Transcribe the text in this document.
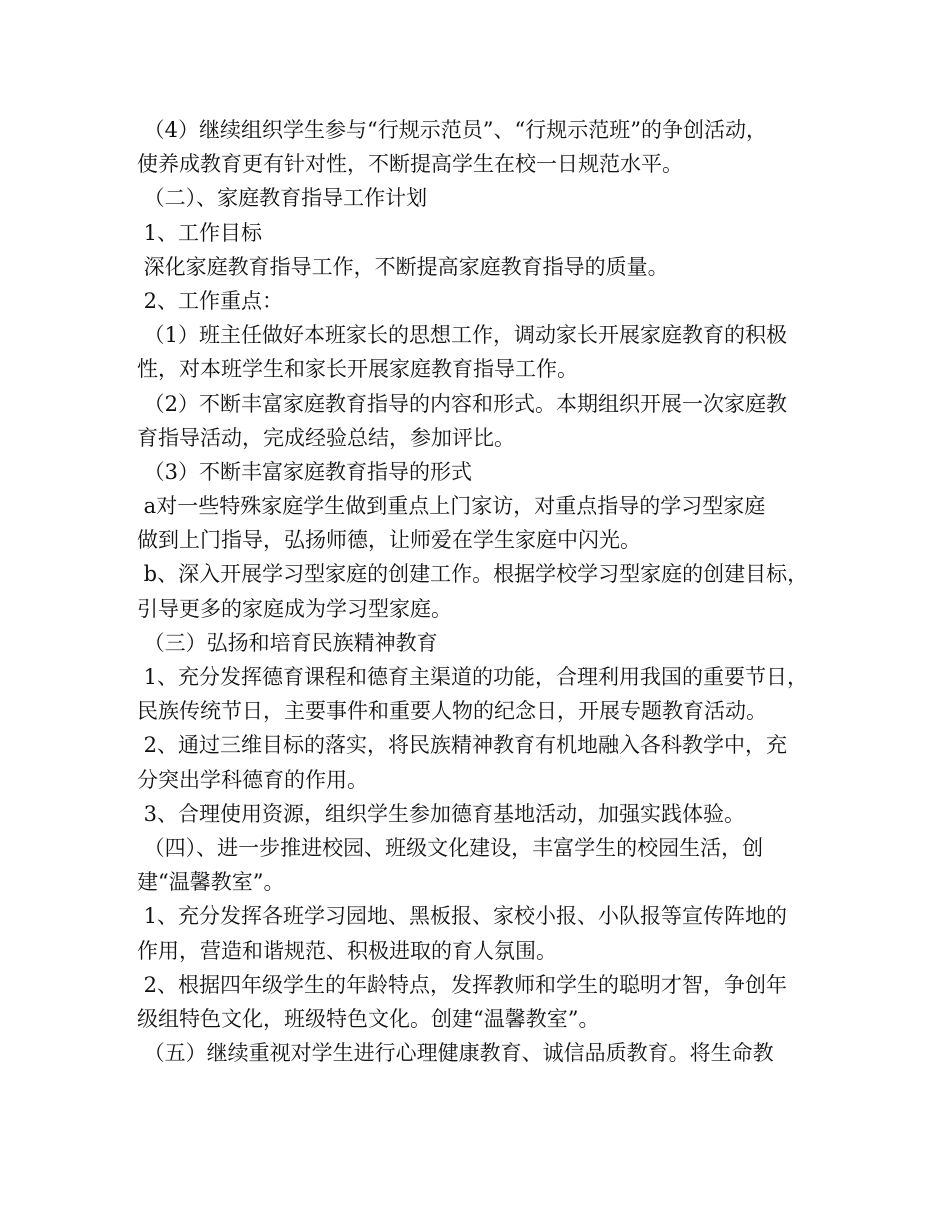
（4）继续组织学生参与“行规示范员”、“行规示范班”的争创活动，
使养成教育更有针对性，不断提高学生在校一日规范水平。
（二）、家庭教育指导工作计划
1、工作目标
深化家庭教育指导工作，不断提高家庭教育指导的质量。
2、工作重点：
（1）班主任做好本班家长的思想工作，调动家长开展家庭教育的积极
性，对本班学生和家长开展家庭教育指导工作。
（2）不断丰富家庭教育指导的内容和形式。本期组织开展一次家庭教
育指导活动，完成经验总结，参加评比。
（3）不断丰富家庭教育指导的形式
a对一些特殊家庭学生做到重点上门家访，对重点指导的学习型家庭
做到上门指导，弘扬师德，让师爱在学生家庭中闪光。
b、深入开展学习型家庭的创建工作。根据学校学习型家庭的创建目标，
引导更多的家庭成为学习型家庭。
（三）弘扬和培育民族精神教育
1、充分发挥德育课程和德育主渠道的功能，合理利用我国的重要节日，
民族传统节日，主要事件和重要人物的纪念日，开展专题教育活动。
2、通过三维目标的落实，将民族精神教育有机地融入各科教学中，充
分突出学科德育的作用。
3、合理使用资源，组织学生参加德育基地活动，加强实践体验。
（四）、进一步推进校园、班级文化建设，丰富学生的校园生活，创
建“温馨教室”。
1、充分发挥各班学习园地、黑板报、家校小报、小队报等宣传阵地的
作用，营造和谐规范、积极进取的育人氛围。
2、根据四年级学生的年龄特点，发挥教师和学生的聪明才智，争创年
级组特色文化，班级特色文化。创建“温馨教室”。
（五）继续重视对学生进行心理健康教育、诚信品质教育。将生命教
